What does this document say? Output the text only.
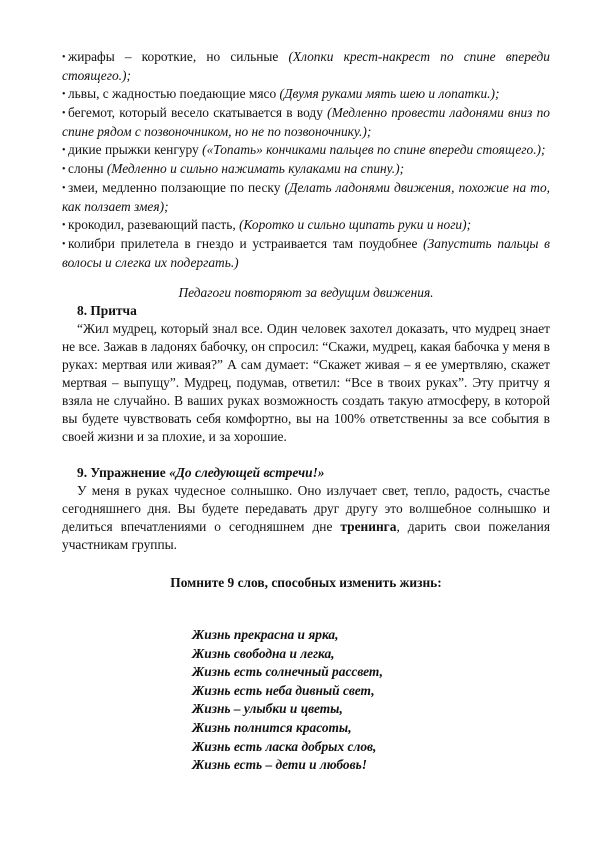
• жирафы – короткие, но сильные (Хлопки крест-накрест по спине впереди стоящего.);

• львы, с жадностью поедающие мясо (Двумя руками мять шею и лопатки.);

• бегемот, который весело скатывается в воду (Медленно провести ладонями вниз по спине рядом с позвоночником, но не по позвоночнику.);

• дикие прыжки кенгуру («Топать» кончиками пальцев по спине впереди стоящего.);

• слоны (Медленно и сильно нажимать кулаками на спину.);

• змеи, медленно ползающие по песку (Делать ладонями движения, похожие на то, как ползает змея);

• крокодил, разевающий пасть, (Коротко и сильно щипать руки и ноги);

• колибри прилетела в гнездо и устраивается там поудобнее (Запустить пальцы в волосы и слегка их подергать.)

Педагоги повторяют за ведущим движения.

8. Притча

“Жил мудрец, который знал все. Один человек захотел доказать, что мудрец знает не все. Зажав в ладонях бабочку, он спросил: “Скажи, мудрец, какая бабочка у меня в руках: мертвая или живая?” А сам думает: “Скажет живая – я ее умертвляю, скажет мертвая – выпущу”. Мудрец, подумав, ответил: “Все в твоих руках”. Эту притчу я взяла не случайно. В ваших руках возможность создать такую атмосферу, в которой вы будете чувствовать себя комфортно, вы на 100% ответственны за все события в своей жизни и за плохие, и за хорошие.

9. Упражнение «До следующей встречи!»

У меня в руках чудесное солнышко. Оно излучает свет, тепло, радость, счастье сегодняшнего дня. Вы будете передавать друг другу это волшебное солнышко и делиться впечатлениями о сегодняшнем дне тренинга, дарить свои пожелания участникам группы.

Помните 9 слов, способных изменить жизнь:

Жизнь прекрасна и ярка,

Жизнь свободна и легка,

Жизнь есть солнечный рассвет,

Жизнь есть неба дивный свет,

Жизнь – улыбки и цветы,

Жизнь полнится красоты,

Жизнь есть ласка добрых слов,

Жизнь есть – дети и любовь!
